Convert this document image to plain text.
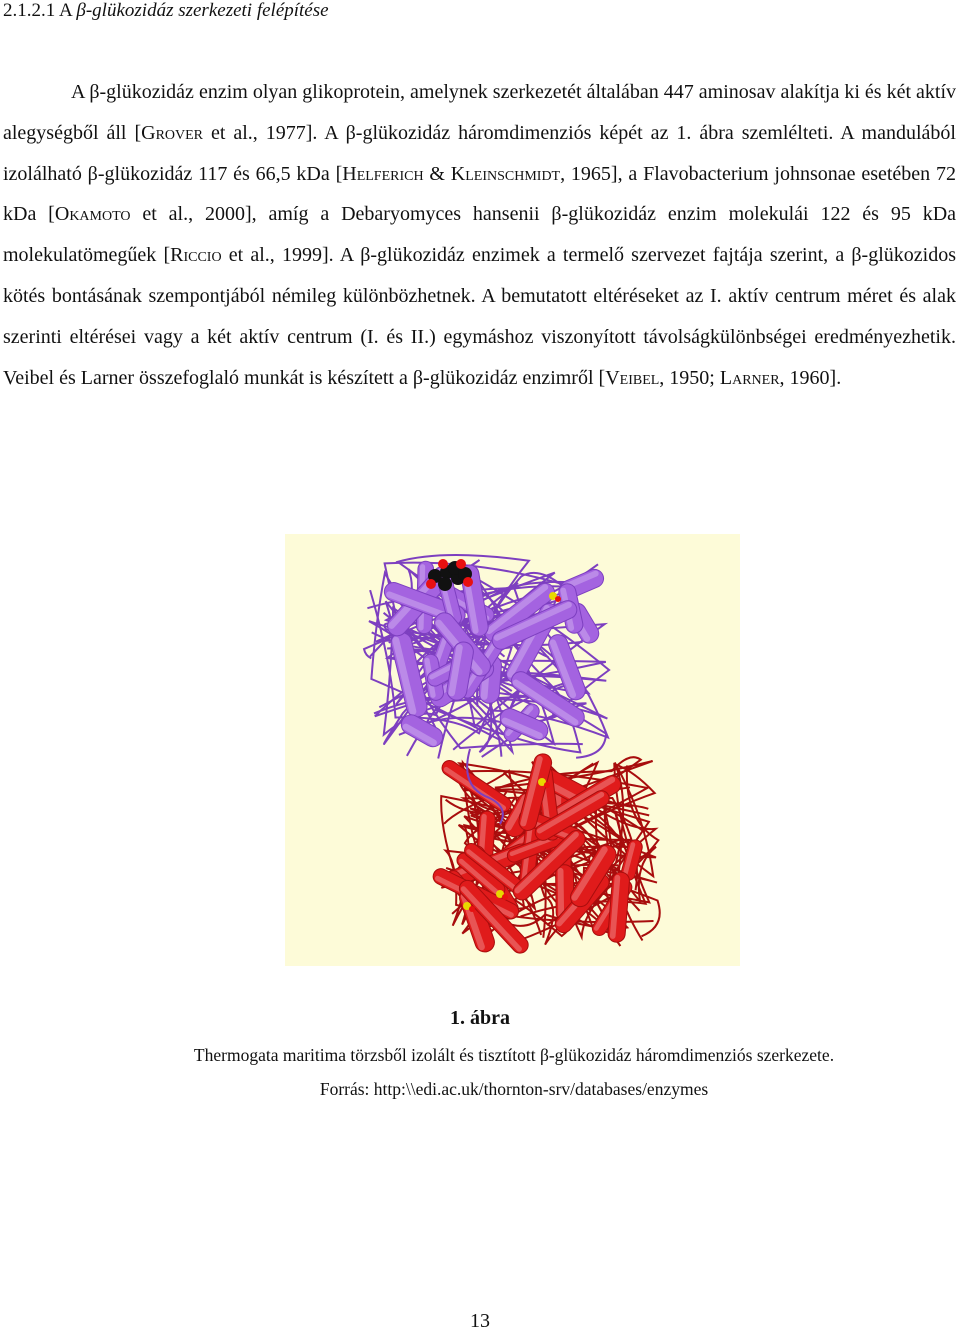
2.1.2.1 A β-glükozidáz szerkezeti felépítése

A β-glükozidáz enzim olyan glikoprotein, amelynek szerkezetét általában 447 aminosav alakítja ki és két aktív alegységből áll [Grover et al., 1977]. A β-glükozidáz háromdimenziós képét az 1. ábra szemlélteti. A mandulából izolálható β-glükozidáz 117 és 66,5 kDa [Helferich & Kleinschmidt, 1965], a Flavobacterium johnsonae esetében 72 kDa [Okamoto et al., 2000], amíg a Debaryomyces hansenii β-glükozidáz enzim molekulái 122 és 95 kDa molekulatömegűek [Riccio et al., 1999]. A β-glükozidáz enzimek a termelő szervezet fajtája szerint, a β-glükozidos kötés bontásának szempontjából némileg különbözhetnek. A bemutatott eltéréseket az I. aktív centrum méret és alak szerinti eltérései vagy a két aktív centrum (I. és II.) egymáshoz viszonyított távolságkülönbségei eredményezhetik. Veibel és Larner összefoglaló munkát is készített a β-glükozidáz enzimről [Veibel, 1950; Larner, 1960].

1. ábra
Thermogata maritima törzsből izolált és tisztított β-glükozidáz háromdimenziós szerkezete.
Forrás: http:\\edi.ac.uk/thornton-srv/databases/enzymes
13
